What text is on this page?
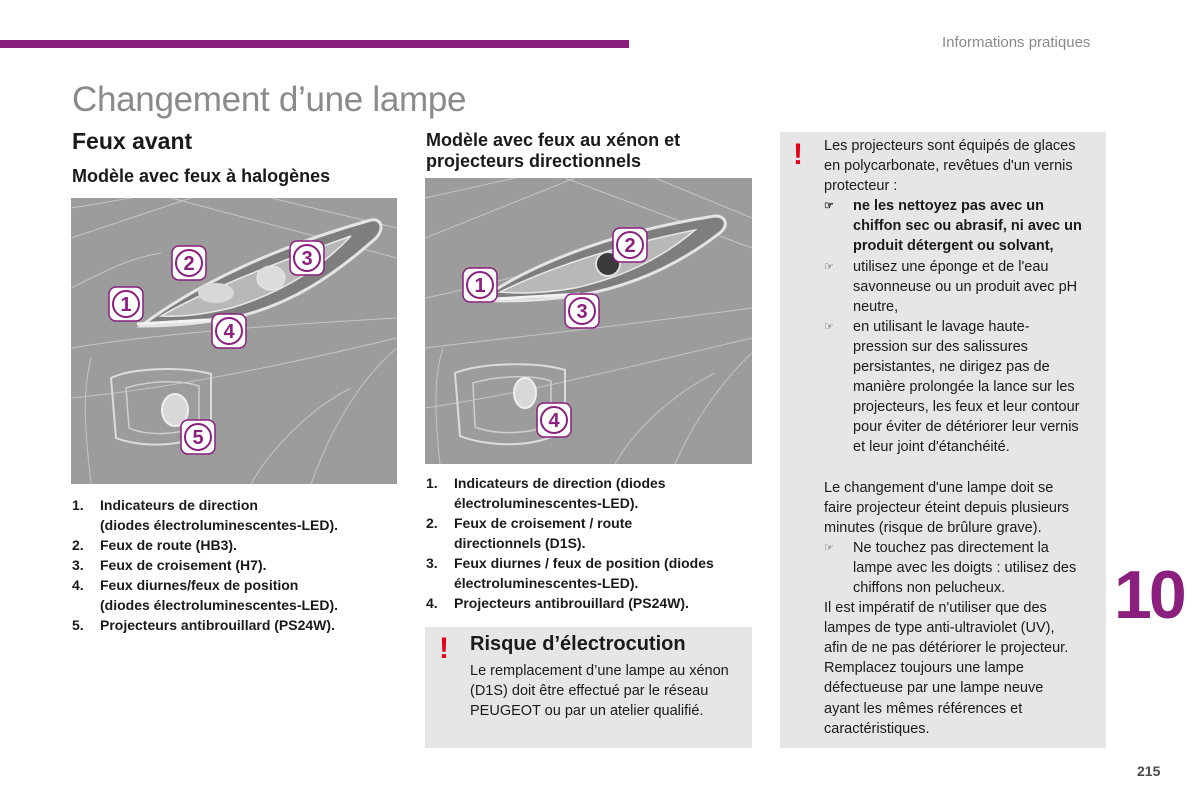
Informations pratiques
Changement d’une lampe
Feux avant
Modèle avec feux à halogènes
1
2	3
4
5
1. Indicateurs de direction
(diodes électroluminescentes-LED).
2. Feux de route (HB3).
3. Feux de croisement (H7).
4. Feux diurnes/feux de position
(diodes électroluminescentes-LED).
5. Projecteurs antibrouillard (PS24W).
Modèle avec feux au xénon et
projecteurs directionnels
1
2
3
4
1. Indicateurs de direction (diodes
électroluminescentes-LED).
2. Feux de croisement / route
directionnels (D1S).
3. Feux diurnes / feux de position (diodes
électroluminescentes-LED).
4. Projecteurs antibrouillard (PS24W).
! Risque d’électrocution
Le remplacement d’une lampe au xénon
(D1S) doit être effectué par le réseau
PEUGEOT ou par un atelier qualifié.
! Les projecteurs sont équipés de glaces
en polycarbonate, revêtues d'un vernis
protecteur :

☞ ne les nettoyez pas avec un
chiffon sec ou abrasif, ni avec un
produit détergent ou solvant,
☞ utilisez une éponge et de l'eau
savonneuse ou un produit avec pH
neutre,
☞ en utilisant le lavage haute-
pression sur des salissures
persistantes, ne dirigez pas de
manière prolongée la lance sur les
projecteurs, les feux et leur contour
pour éviter de détériorer leur vernis
et leur joint d'étanchéité.

Le changement d'une lampe doit se
faire projecteur éteint depuis plusieurs
minutes (risque de brûlure grave).

☞ Ne touchez pas directement la
lampe avec les doigts : utilisez des
chiffons non pelucheux.

Il est impératif de n'utiliser que des
lampes de type anti-ultraviolet (UV),
afin de ne pas détériorer le projecteur.
Remplacez toujours une lampe
défectueuse par une lampe neuve
ayant les mêmes références et
caractéristiques.

10
215
